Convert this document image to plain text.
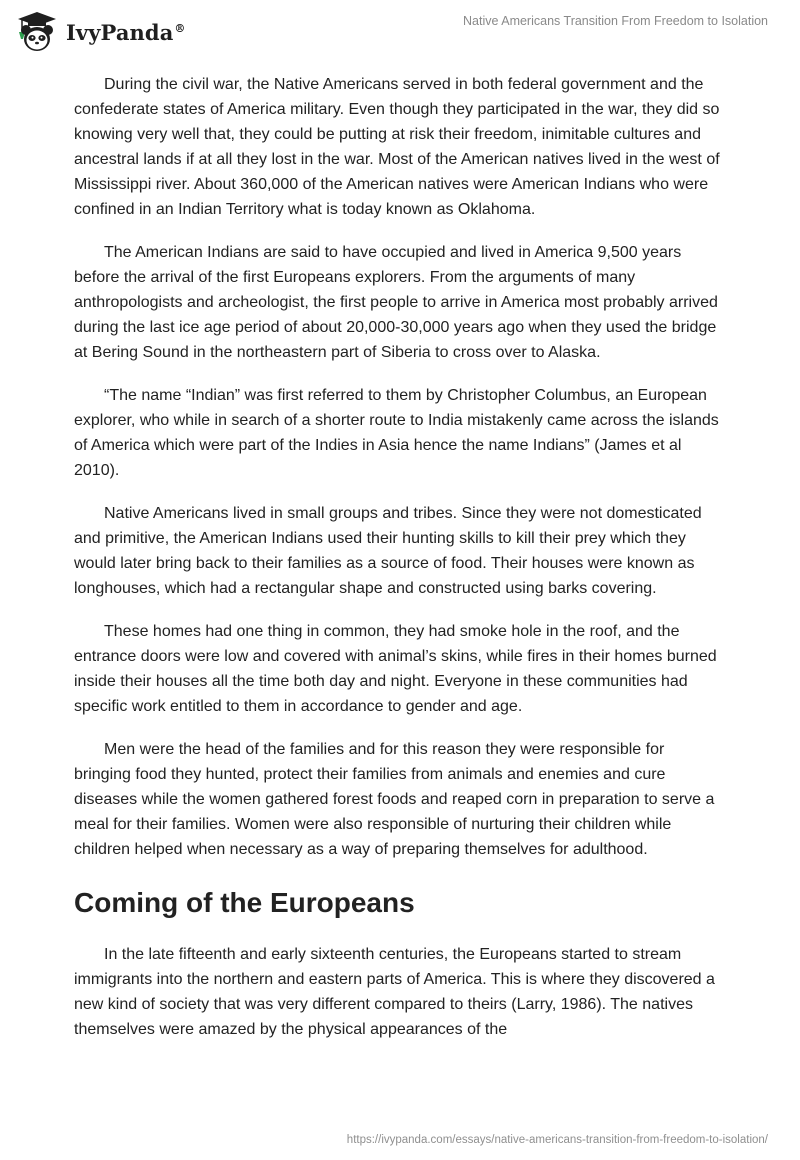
IvyPanda®	Native Americans Transition From Freedom to Isolation

During the civil war, the Native Americans served in both federal government and the confederate states of America military. Even though they participated in the war, they did so knowing very well that, they could be putting at risk their freedom, inimitable cultures and ancestral lands if at all they lost in the war. Most of the American natives lived in the west of Mississippi river. About 360,000 of the American natives were American Indians who were confined in an Indian Territory what is today known as Oklahoma.

The American Indians are said to have occupied and lived in America 9,500 years before the arrival of the first Europeans explorers. From the arguments of many anthropologists and archeologist, the first people to arrive in America most probably arrived during the last ice age period of about 20,000-30,000 years ago when they used the bridge at Bering Sound in the northeastern part of Siberia to cross over to Alaska.

“The name “Indian” was first referred to them by Christopher Columbus, an European explorer, who while in search of a shorter route to India mistakenly came across the islands of America which were part of the Indies in Asia hence the name Indians” (James et al 2010).

Native Americans lived in small groups and tribes. Since they were not domesticated and primitive, the American Indians used their hunting skills to kill their prey which they would later bring back to their families as a source of food. Their houses were known as longhouses, which had a rectangular shape and constructed using barks covering.

These homes had one thing in common, they had smoke hole in the roof, and the entrance doors were low and covered with animal’s skins, while fires in their homes burned inside their houses all the time both day and night. Everyone in these communities had specific work entitled to them in accordance to gender and age.

Men were the head of the families and for this reason they were responsible for bringing food they hunted, protect their families from animals and enemies and cure diseases while the women gathered forest foods and reaped corn in preparation to serve a meal for their families. Women were also responsible of nurturing their children while children helped when necessary as a way of preparing themselves for adulthood.

Coming of the Europeans

In the late fifteenth and early sixteenth centuries, the Europeans started to stream immigrants into the northern and eastern parts of America. This is where they discovered a new kind of society that was very different compared to theirs (Larry, 1986). The natives themselves were amazed by the physical appearances of the

https://ivypanda.com/essays/native-americans-transition-from-freedom-to-isolation/
